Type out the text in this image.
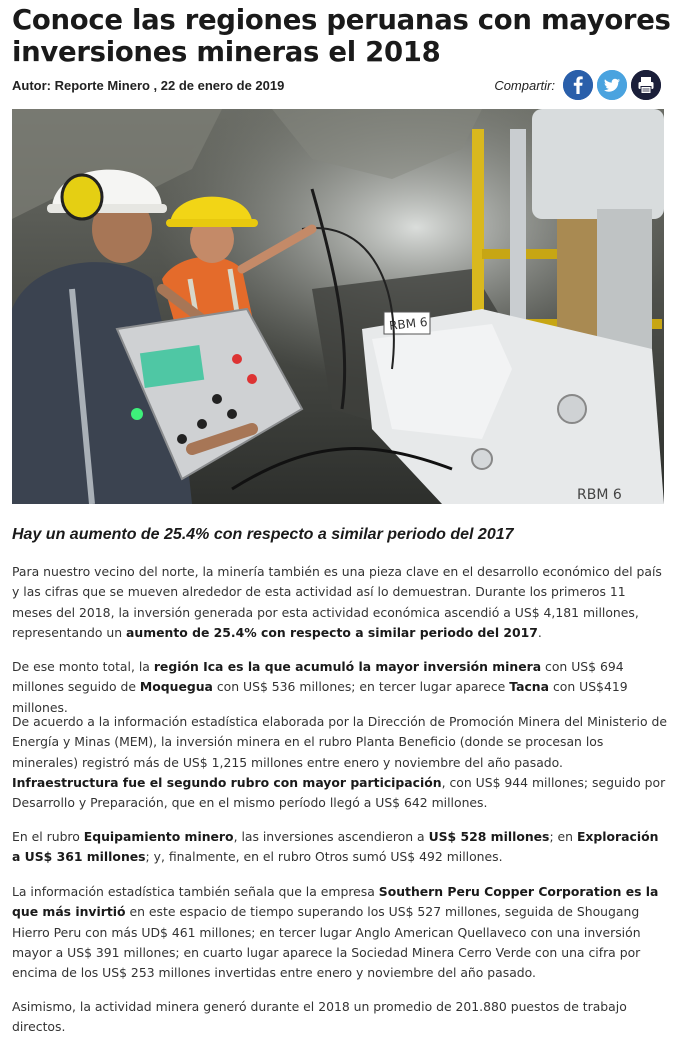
Conoce las regiones peruanas con mayores inversiones mineras el 2018
Autor: Reporte Minero , 22 de enero de 2019	Compartir:
RBM 6
RBM 6
Hay un aumento de 25.4% con respecto a similar periodo del 2017

Para nuestro vecino del norte, la minería también es una pieza clave en el desarrollo económico del país y las cifras que se mueven alrededor de esta actividad así lo demuestran. Durante los primeros 11 meses del 2018, la inversión generada por esta actividad económica ascendió a US$ 4,181 millones, representando un aumento de 25.4% con respecto a similar periodo del 2017.

De ese monto total, la región Ica es la que acumuló la mayor inversión minera con US$ 694 millones seguido de Moquegua con US$ 536 millones; en tercer lugar aparece Tacna con US$419 millones.

De acuerdo a la información estadística elaborada por la Dirección de Promoción Minera del Ministerio de Energía y Minas (MEM), la inversión minera en el rubro Planta Beneficio (donde se procesan los minerales) registró más de US$ 1,215 millones entre enero y noviembre del año pasado. Infraestructura fue el segundo rubro con mayor participación, con US$ 944 millones; seguido por Desarrollo y Preparación, que en el mismo período llegó a US$ 642 millones.

En el rubro Equipamiento minero, las inversiones ascendieron a US$ 528 millones; en Exploración a US$ 361 millones; y, finalmente, en el rubro Otros sumó US$ 492 millones.

La información estadística también señala que la empresa Southern Peru Copper Corporation es la que más invirtió en este espacio de tiempo superando los US$ 527 millones, seguida de Shougang Hierro Peru con más UD$ 461 millones; en tercer lugar Anglo American Quellaveco con una inversión mayor a US$ 391 millones; en cuarto lugar aparece la Sociedad Minera Cerro Verde con una cifra por encima de los US$ 253 millones invertidas entre enero y noviembre del año pasado.

Asimismo, la actividad minera generó durante el 2018 un promedio de 201.880 puestos de trabajo directos.
